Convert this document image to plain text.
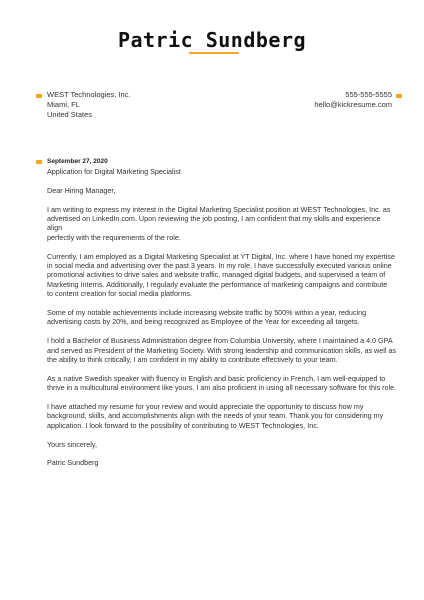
Patric Sundberg
WEST Technologies, Inc.
Miami, FL
United States
555-555-5555
hello@kickresume.com
September 27, 2020
Application for Digital Marketing Specialist

Dear Hiring Manager,

I am writing to express my interest in the Digital Marketing Specialist position at WEST Technologies, Inc. as
advertised on LinkedIn.com. Upon reviewing the job posting, I am confident that my skills and experience align
perfectly with the requirements of the role.

Currently, I am employed as a Digital Marketing Specialist at YT Digital, Inc. where I have honed my expertise
in social media and advertising over the past 3 years. In my role, I have successfully executed various online
promotional activities to drive sales and website traffic, managed digital budgets, and supervised a team of
Marketing Interns. Additionally, I regularly evaluate the performance of marketing campaigns and contribute
to content creation for social media platforms.

Some of my notable achievements include increasing website traffic by 500% within a year, reducing
advertising costs by 20%, and being recognized as Employee of the Year for exceeding all targets.

I hold a Bachelor of Business Administration degree from Columbia University, where I maintained a 4.0 GPA
and served as President of the Marketing Society. With strong leadership and communication skills, as well as
the ability to think critically, I am confident in my ability to contribute effectively to your team.

As a native Swedish speaker with fluency in English and basic proficiency in French, I am well-equipped to
thrive in a multicultural environment like yours. I am also proficient in using all necessary software for this role.

I have attached my resume for your review and would appreciate the opportunity to discuss how my
background, skills, and accomplishments align with the needs of your team. Thank you for considering my
application. I look forward to the possibility of contributing to WEST Technologies, Inc.

Yours sincerely,

Patric Sundberg
